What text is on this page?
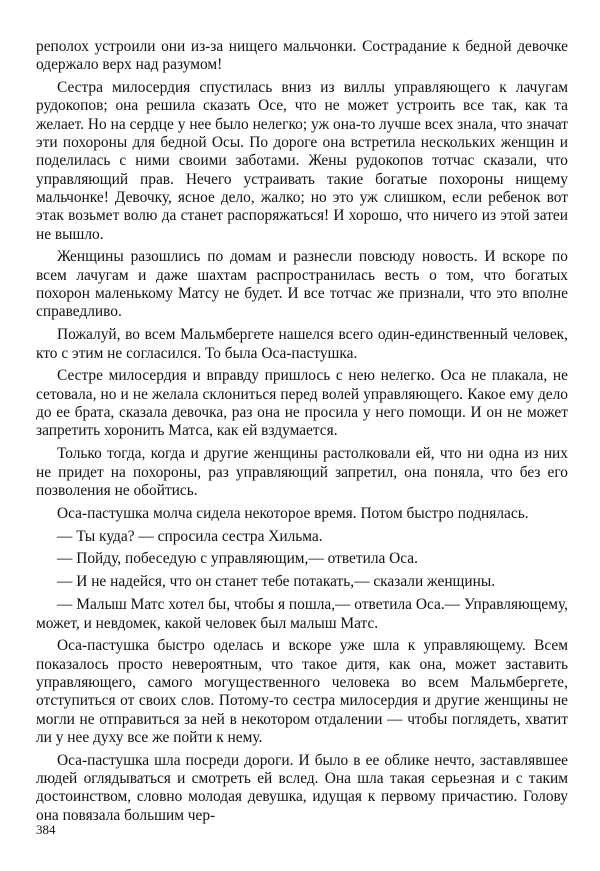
реполох устроили они из-за нищего мальчонки. Сострадание к бедной девочке одержало верх над разумом!

Сестра милосердия спустилась вниз из виллы управляющего к лачугам рудокопов; она решила сказать Осе, что не может устроить все так, как та желает. Но на сердце у нее было нелегко; уж она-то лучше всех знала, что значат эти похороны для бедной Осы. По дороге она встретила нескольких женщин и поделилась с ними своими заботами. Жены рудокопов тотчас сказали, что управляющий прав. Нечего устраивать такие богатые похороны нищему мальчонке! Девочку, ясное дело, жалко; но это уж слишком, если ребенок вот этак возьмет волю да станет распоряжаться! И хорошо, что ничего из этой затеи не вышло.

Женщины разошлись по домам и разнесли повсюду новость. И вскоре по всем лачугам и даже шахтам распространилась весть о том, что богатых похорон маленькому Матсу не будет. И все тотчас же признали, что это вполне справедливо.

Пожалуй, во всем Мальмбергете нашелся всего один-единственный человек, кто с этим не согласился. То была Оса-пастушка.

Сестре милосердия и вправду пришлось с нею нелегко. Оса не плакала, не сетовала, но и не желала склониться перед волей управляющего. Какое ему дело до ее брата, сказала девочка, раз она не просила у него помощи. И он не может запретить хоронить Матса, как ей вздумается.

Только тогда, когда и другие женщины растолковали ей, что ни одна из них не придет на похороны, раз управляющий запретил, она поняла, что без его позволения не обойтись.

Оса-пастушка молча сидела некоторое время. Потом быстро поднялась.

— Ты куда? — спросила сестра Хильма.

— Пойду, побеседую с управляющим,— ответила Оса.

— И не надейся, что он станет тебе потакать,— сказали женщины.

— Малыш Матс хотел бы, чтобы я пошла,— ответила Оса.— Управляющему, может, и невдомек, какой человек был малыш Матс.

Оса-пастушка быстро оделась и вскоре уже шла к управляющему. Всем показалось просто невероятным, что такое дитя, как она, может заставить управляющего, самого могущественного человека во всем Мальмбергете, отступиться от своих слов. Потому-то сестра милосердия и другие женщины не могли не отправиться за ней в некотором отдалении — чтобы поглядеть, хватит ли у нее духу все же пойти к нему.

Оса-пастушка шла посреди дороги. И было в ее облике нечто, заставлявшее людей оглядываться и смотреть ей вслед. Она шла такая серьезная и с таким достоинством, словно молодая девушка, идущая к первому причастию. Голову она повязала большим чер-

384
